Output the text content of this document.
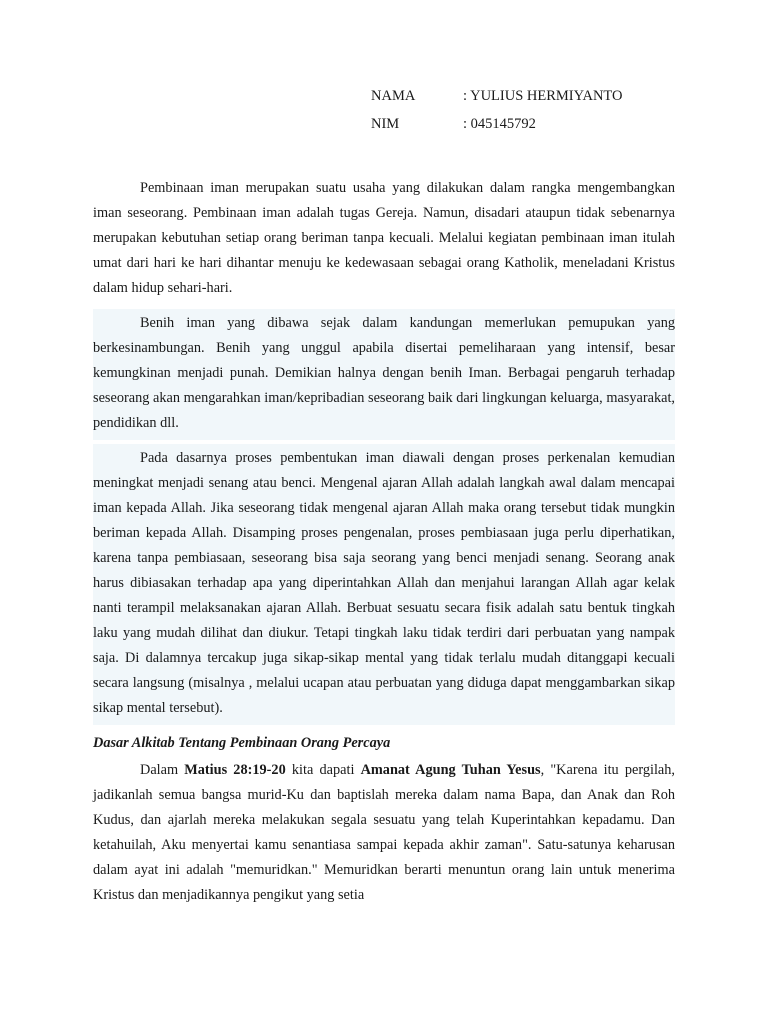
NAMA	: YULIUS HERMIYANTO
NIM	: 045145792

Pembinaan iman merupakan suatu usaha yang dilakukan dalam rangka mengembangkan iman seseorang. Pembinaan iman adalah tugas Gereja. Namun, disadari ataupun tidak sebenarnya merupakan kebutuhan setiap orang beriman tanpa kecuali. Melalui kegiatan pembinaan iman itulah umat dari hari ke hari dihantar menuju ke kedewasaan sebagai orang Katholik, meneladani Kristus dalam hidup sehari-hari.

Benih iman yang dibawa sejak dalam kandungan memerlukan pemupukan yang berkesinambungan. Benih yang unggul apabila disertai pemeliharaan yang intensif, besar kemungkinan menjadi punah. Demikian halnya dengan benih Iman. Berbagai pengaruh terhadap seseorang akan mengarahkan iman/kepribadian seseorang baik dari lingkungan keluarga, masyarakat, pendidikan dll.

Pada dasarnya proses pembentukan iman diawali dengan proses perkenalan kemudian meningkat menjadi senang atau benci. Mengenal ajaran Allah adalah langkah awal dalam mencapai iman kepada Allah. Jika seseorang tidak mengenal ajaran Allah maka orang tersebut tidak mungkin beriman kepada Allah. Disamping proses pengenalan, proses pembiasaan juga perlu diperhatikan, karena tanpa pembiasaan, seseorang bisa saja seorang yang benci menjadi senang. Seorang anak harus dibiasakan terhadap apa yang diperintahkan Allah dan menjahui larangan Allah agar kelak nanti terampil melaksanakan ajaran Allah. Berbuat sesuatu secara fisik adalah satu bentuk tingkah laku yang mudah dilihat dan diukur. Tetapi tingkah laku tidak terdiri dari perbuatan yang nampak saja. Di dalamnya tercakup juga sikap-sikap mental yang tidak terlalu mudah ditanggapi kecuali secara langsung (misalnya , melalui ucapan atau perbuatan yang diduga dapat menggambarkan sikap sikap mental tersebut).

Dasar Alkitab Tentang Pembinaan Orang Percaya

Dalam Matius 28:19-20 kita dapati Amanat Agung Tuhan Yesus, "Karena itu pergilah, jadikanlah semua bangsa murid-Ku dan baptislah mereka dalam nama Bapa, dan Anak dan Roh Kudus, dan ajarlah mereka melakukan segala sesuatu yang telah Kuperintahkan kepadamu. Dan ketahuilah, Aku menyertai kamu senantiasa sampai kepada akhir zaman". Satu-satunya keharusan dalam ayat ini adalah "memuridkan." Memuridkan berarti menuntun orang lain untuk menerima Kristus dan menjadikannya pengikut yang setia
